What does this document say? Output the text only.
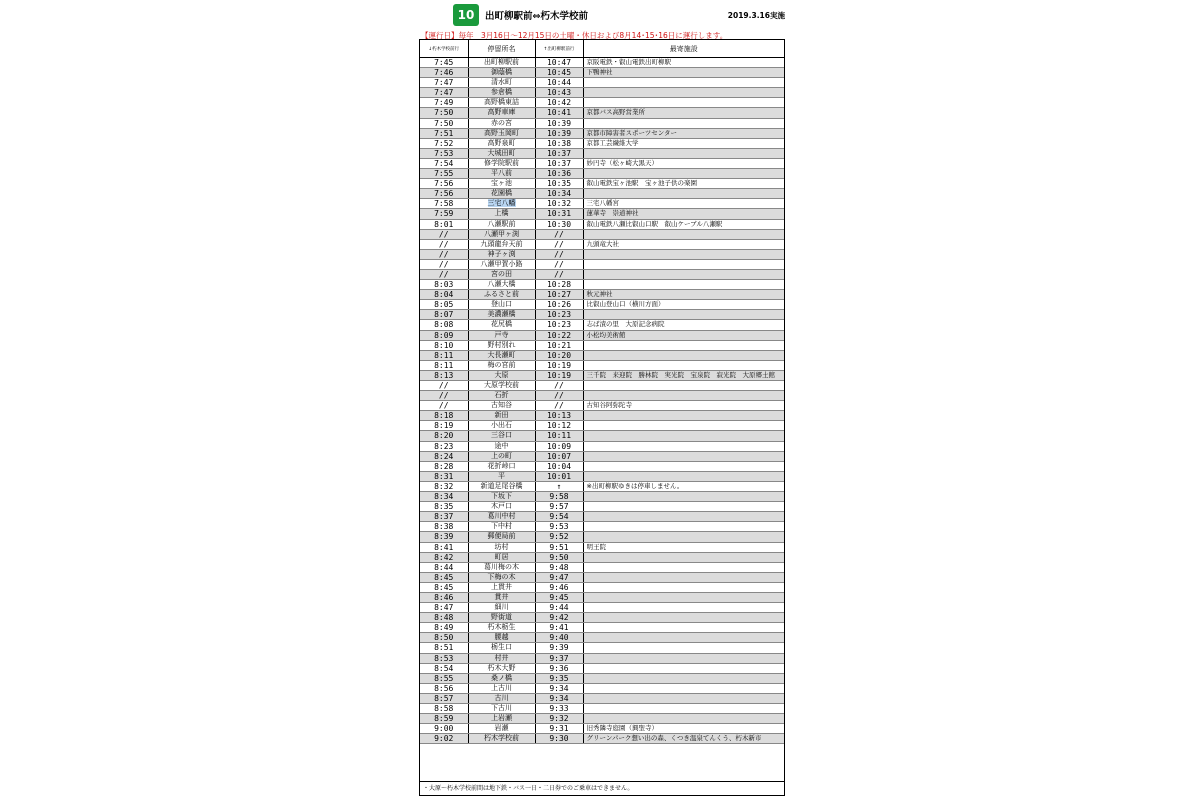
10	出町柳駅前⇔朽木学校前	2019.3.16実施
【運行日】毎年　3月16日～12月15日の土曜・休日および8月14･15･16日に運行します。
↓朽木学校前行	停留所名	↑出町柳駅前行	最寄施設
7:45	出町柳駅前	10:47	京阪電鉄・叡山電鉄出町柳駅
7:46	御蔭橋	10:45	下鴨神社
7:47	清水町	10:44	
7:47	参倉橋	10:43	
7:49	高野橋東詰	10:42	
7:50	高野車庫	10:41	京都バス高野営業所
7:50	赤の宮	10:39	
7:51	高野玉岡町	10:39	京都市障害者スポーツセンター
7:52	高野泉町	10:38	京都工芸繊維大学
7:53	大城田町	10:37	
7:54	修学院駅前	10:37	妙円寺（松ヶ崎大黒天）
7:55	平八前	10:36	
7:56	宝ヶ池	10:35	叡山電鉄宝ヶ池駅　宝ヶ池子供の楽園
7:56	花園橋	10:34	
7:58	三宅八幡	10:32	三宅八幡宮
7:59	上橋	10:31	蓮華寺　崇道神社
8:01	八瀬駅前	10:30	叡山電鉄八瀬比叡山口駅　叡山ケーブル八瀬駅
//	八瀬甲ヶ渕	//	
//	九頭龍弁天前	//	九頭竜大社
//	神子ヶ渕	//	
//	八瀬甲賀小路	//	
//	宮の田	//	
8:03	八瀬大橋	10:28	
8:04	ふるさと前	10:27	秋元神社
8:05	登山口	10:26	比叡山登山口（横川方面）
8:07	美濃瀬橋	10:23	
8:08	花尻橋	10:23	志ば漬の里　大原記念病院
8:09	戸寺	10:22	小松均美術館
8:10	野村別れ	10:21	
8:11	大長瀬町	10:20	
8:11	梅の宮前	10:19	
8:13	大原	10:19	三千院　来迎院　勝林院　実光院　宝泉院　寂光院　大原郷土館
//	大原学校前	//	
//	石折	//	
//	古知谷	//	古知谷阿弥陀寺
8:18	新田	10:13	
8:19	小出石	10:12	
8:20	三谷口	10:11	
8:23	途中	10:09	
8:24	上の町	10:07	
8:28	花折峠口	10:04	
8:31	平	10:01	
8:32	新道足尾谷橋	↑	※出町柳駅ゆきは停車しません。
8:34	下坂下	9:58	
8:35	木戸口	9:57	
8:37	葛川中村	9:54	
8:38	下中村	9:53	
8:39	郵便局前	9:52	
8:41	坊村	9:51	明王院
8:42	町居	9:50	
8:44	葛川梅の木	9:48	
8:45	下梅の木	9:47	
8:45	上貫井	9:46	
8:46	貫井	9:45	
8:47	細川	9:44	
8:48	野街道	9:42	
8:49	朽木栃生	9:41	
8:50	腰越	9:40	
8:51	栃生口	9:39	
8:53	村井	9:37	
8:54	朽木大野	9:36	
8:55	桑ノ橋	9:35	
8:56	上古川	9:34	
8:57	古川	9:34	
8:58	下古川	9:33	
8:59	上岩瀬	9:32	
9:00	岩瀬	9:31	旧秀隣寺庭園（興聖寺）
9:02	朽木学校前	9:30	グリーンパーク想い出の森、くつき温泉てんくう、朽木新市
・大原～朽木学校前間は地下鉄・バス一日・二日券でのご乗車はできません。
